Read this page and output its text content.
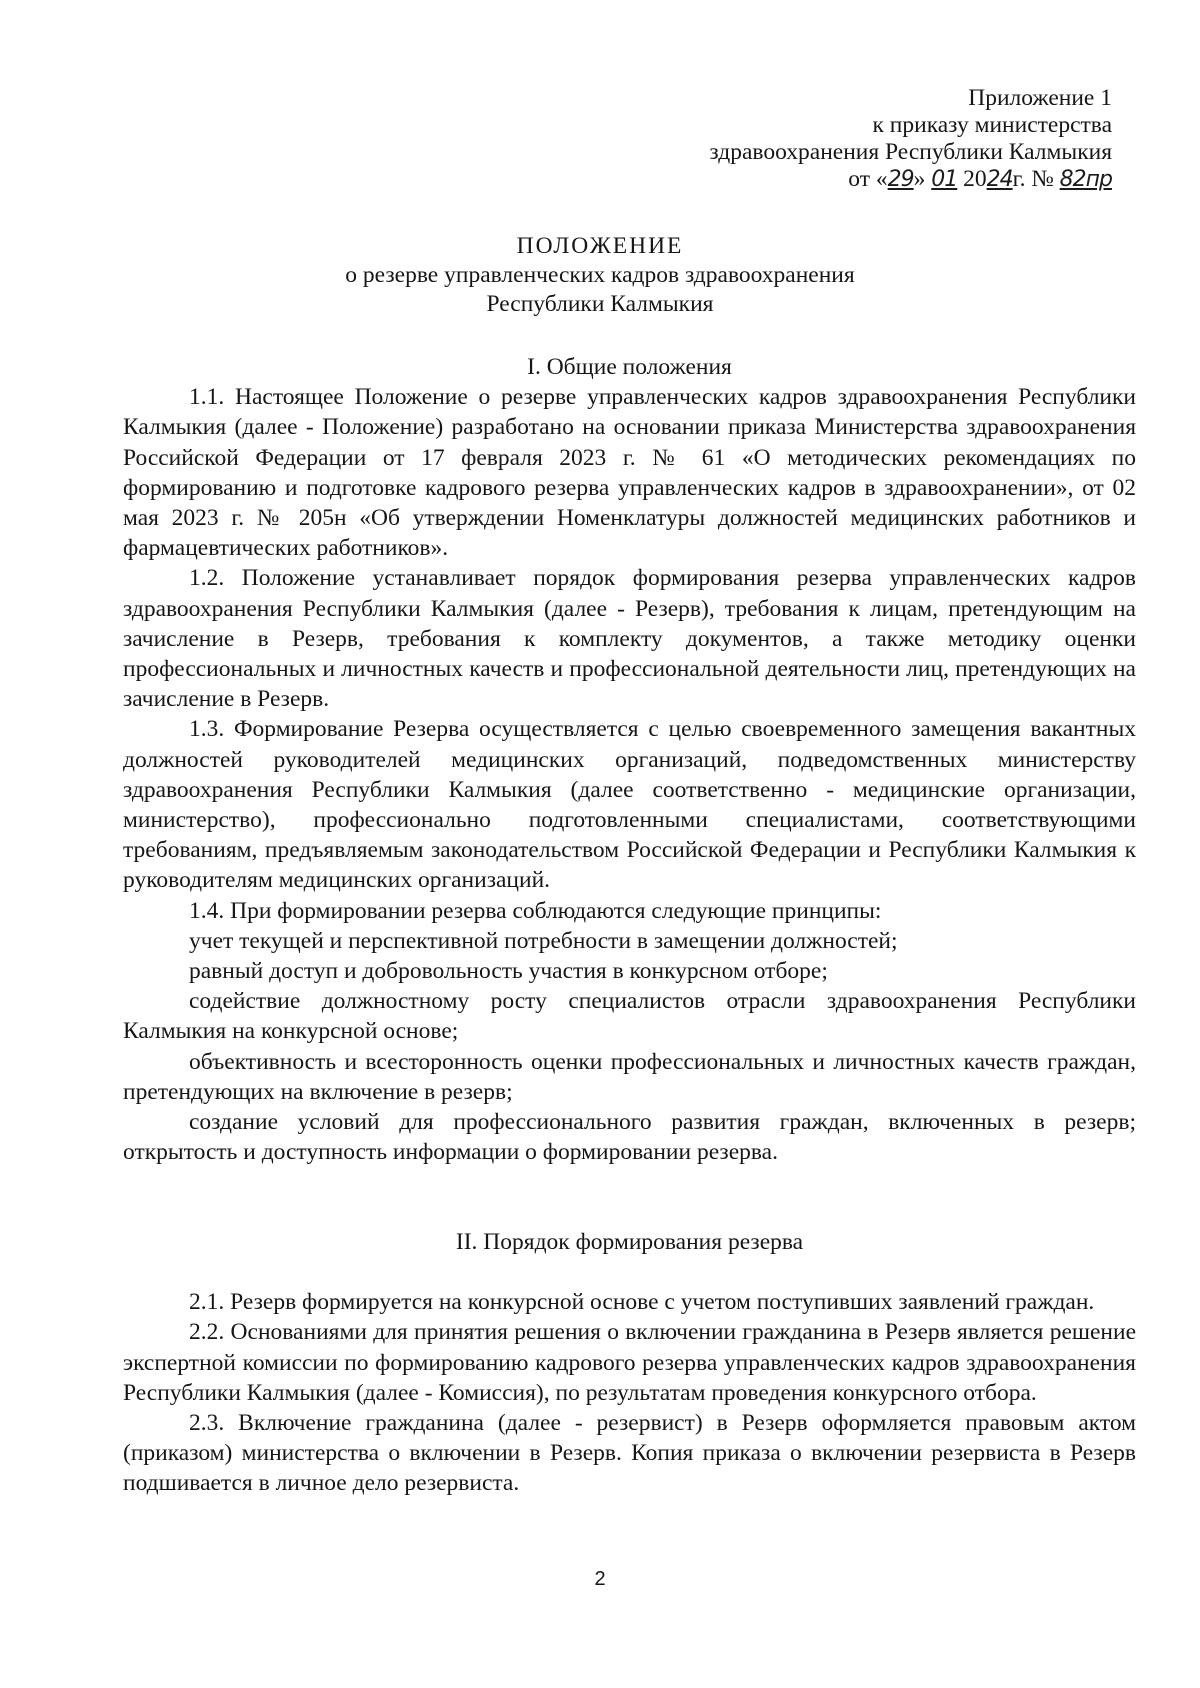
Приложение 1
к приказу министерства
здравоохранения Республики Калмыкия
от «29» 01 2024г. № 82пр
ПОЛОЖЕНИЕ
о резерве управленческих кадров здравоохранения
Республики Калмыкия

I. Общие положения

1.1. Настоящее Положение о резерве управленческих кадров здравоохранения Республики Калмыкия (далее - Положение) разработано на основании приказа Министерства здравоохранения Российской Федерации от 17 февраля 2023 г. № 61 «О методических рекомендациях по формированию и подготовке кадрового резерва управленческих кадров в здравоохранении», от 02 мая 2023 г. № 205н «Об утверждении Номенклатуры должностей медицинских работников и фармацевтических работников».

1.2. Положение устанавливает порядок формирования резерва управленческих кадров здравоохранения Республики Калмыкия (далее - Резерв), требования к лицам, претендующим на зачисление в Резерв, требования к комплекту документов, а также методику оценки профессиональных и личностных качеств и профессиональной деятельности лиц, претендующих на зачисление в Резерв.

1.3. Формирование Резерва осуществляется с целью своевременного замещения вакантных должностей руководителей медицинских организаций, подведомственных министерству здравоохранения Республики Калмыкия (далее соответственно - медицинские организации, министерство), профессионально подготовленными специалистами, соответствующими требованиям, предъявляемым законодательством Российской Федерации и Республики Калмыкия к руководителям медицинских организаций.

1.4. При формировании резерва соблюдаются следующие принципы:

учет текущей и перспективной потребности в замещении должностей;

равный доступ и добровольность участия в конкурсном отборе;

содействие должностному росту специалистов отрасли здравоохранения Республики Калмыкия на конкурсной основе;

объективность и всесторонность оценки профессиональных и личностных качеств граждан, претендующих на включение в резерв;

создание условий для профессионального развития граждан, включенных в резерв; открытость и доступность информации о формировании резерва.

II. Порядок формирования резерва

2.1. Резерв формируется на конкурсной основе с учетом поступивших заявлений граждан.

2.2. Основаниями для принятия решения о включении гражданина в Резерв является решение экспертной комиссии по формированию кадрового резерва управленческих кадров здравоохранения Республики Калмыкия (далее - Комиссия), по результатам проведения конкурсного отбора.

2.3. Включение гражданина (далее - резервист) в Резерв оформляется правовым актом (приказом) министерства о включении в Резерв. Копия приказа о включении резервиста в Резерв подшивается в личное дело резервиста.

2
